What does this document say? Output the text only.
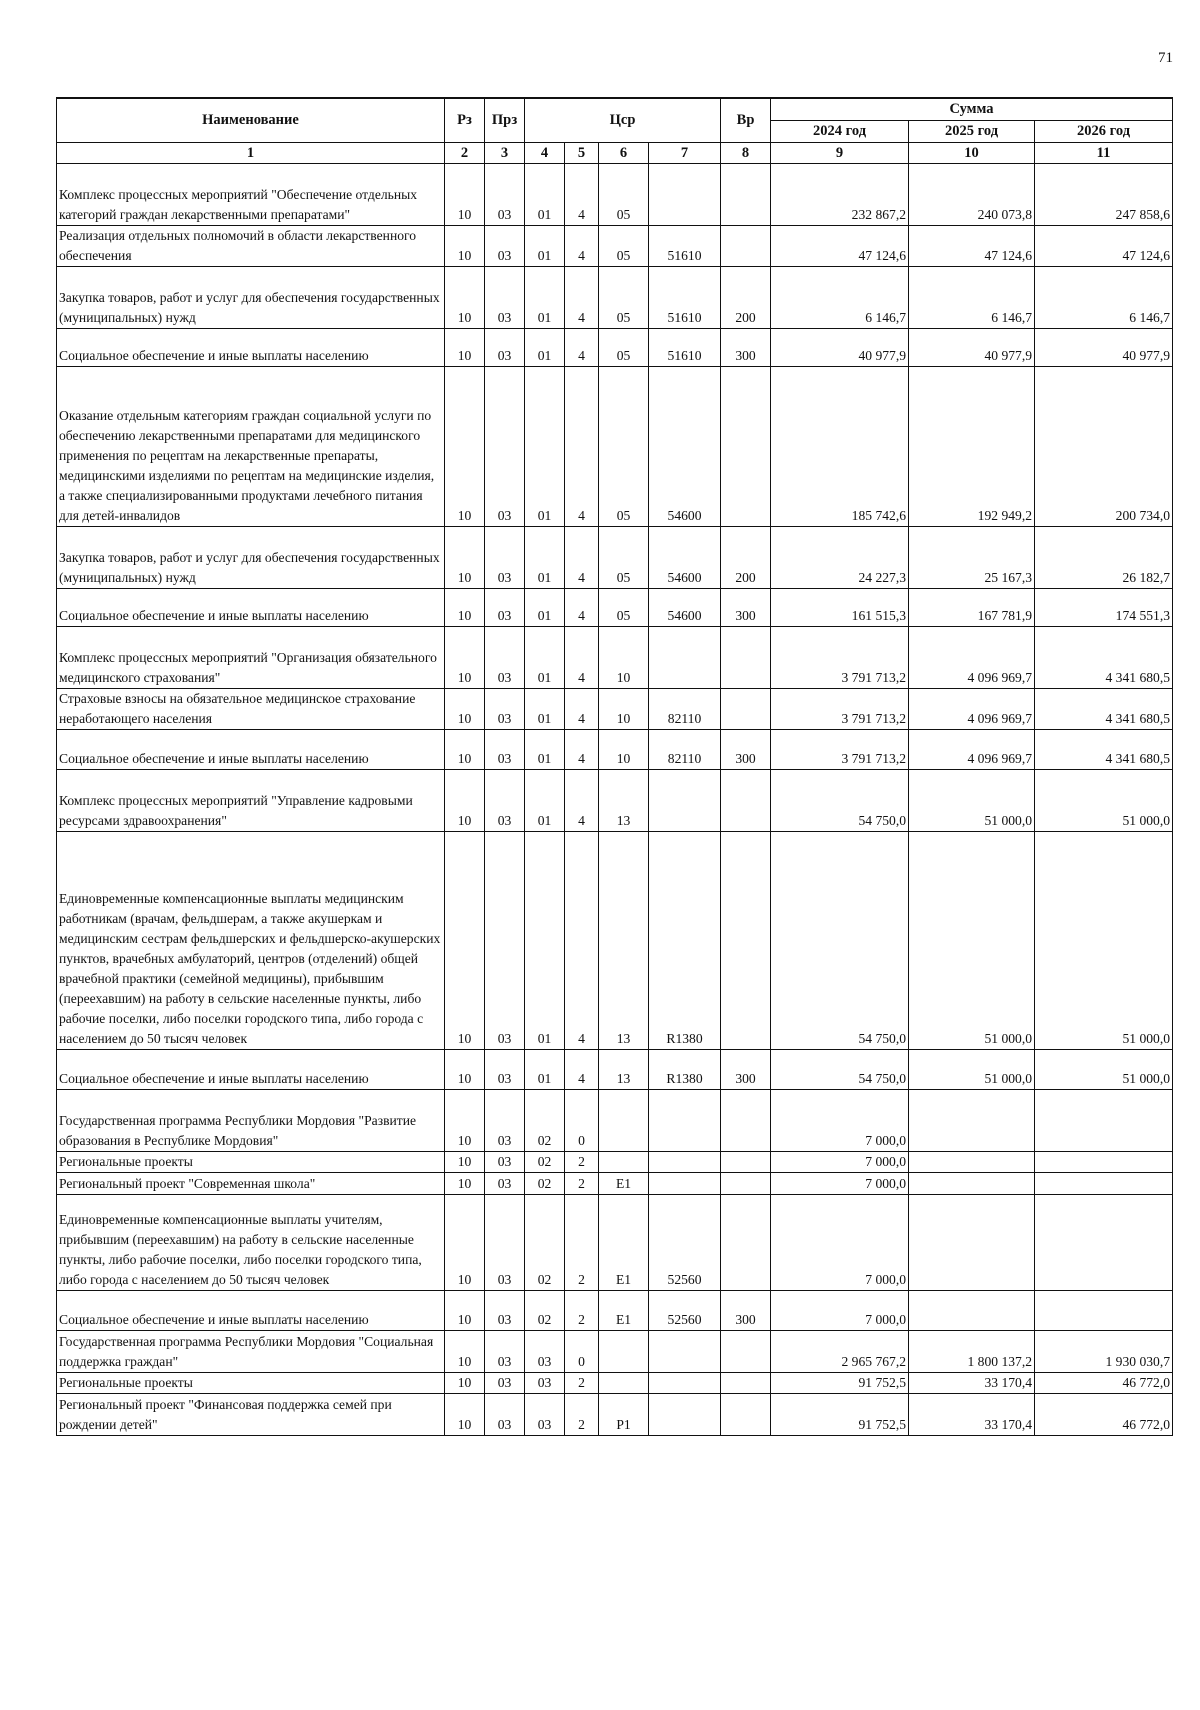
71
Наименование	Рз	Прз	Цср				Вр	Сумма		
								2024 год	2025 год	2026 год
1	2	3	4	5	6	7	8	9	10	11
Комплекс процессных мероприятий "Обеспечение отдельных категорий граждан лекарственными препаратами"	10	03	01	4	05			232 867,2	240 073,8	247 858,6
Реализация отдельных полномочий в области лекарственного обеспечения	10	03	01	4	05	51610		47 124,6	47 124,6	47 124,6
Закупка товаров, работ и услуг для обеспечения государственных (муниципальных) нужд	10	03	01	4	05	51610	200	6 146,7	6 146,7	6 146,7
Социальное обеспечение и иные выплаты населению	10	03	01	4	05	51610	300	40 977,9	40 977,9	40 977,9
Оказание отдельным категориям граждан социальной услуги по обеспечению лекарственными препаратами для медицинского применения по рецептам на лекарственные препараты, медицинскими изделиями по рецептам на медицинские изделия, а также специализированными продуктами лечебного питания для детей-инвалидов	10	03	01	4	05	54600		185 742,6	192 949,2	200 734,0
Закупка товаров, работ и услуг для обеспечения государственных (муниципальных) нужд	10	03	01	4	05	54600	200	24 227,3	25 167,3	26 182,7
Социальное обеспечение и иные выплаты населению	10	03	01	4	05	54600	300	161 515,3	167 781,9	174 551,3
Комплекс процессных мероприятий "Организация обязательного медицинского страхования"	10	03	01	4	10			3 791 713,2	4 096 969,7	4 341 680,5
Страховые взносы на обязательное медицинское страхование неработающего населения	10	03	01	4	10	82110		3 791 713,2	4 096 969,7	4 341 680,5
Социальное обеспечение и иные выплаты населению	10	03	01	4	10	82110	300	3 791 713,2	4 096 969,7	4 341 680,5
Комплекс процессных мероприятий "Управление кадровыми ресурсами здравоохранения"	10	03	01	4	13			54 750,0	51 000,0	51 000,0
Единовременные компенсационные выплаты медицинским работникам (врачам, фельдшерам, а также акушеркам и медицинским сестрам фельдшерских и фельдшерско-акушерских пунктов, врачебных амбулаторий, центров (отделений) общей врачебной практики (семейной медицины), прибывшим (переехавшим) на работу в сельские населенные пункты, либо рабочие поселки, либо поселки городского типа, либо города с населением до 50 тысяч человек	10	03	01	4	13	R1380		54 750,0	51 000,0	51 000,0
Социальное обеспечение и иные выплаты населению	10	03	01	4	13	R1380	300	54 750,0	51 000,0	51 000,0
Государственная программа Республики Мордовия "Развитие образования в Республике Мордовия"	10	03	02	0				7 000,0		
Региональные проекты	10	03	02	2				7 000,0		
Региональный проект "Современная школа"	10	03	02	2	E1			7 000,0		
Единовременные компенсационные выплаты учителям, прибывшим (переехавшим) на работу в сельские населенные пункты, либо рабочие поселки, либо поселки городского типа, либо города с населением до 50 тысяч человек	10	03	02	2	E1	52560		7 000,0		
Социальное обеспечение и иные выплаты населению	10	03	02	2	E1	52560	300	7 000,0		
Государственная программа Республики Мордовия "Социальная поддержка граждан"	10	03	03	0				2 965 767,2	1 800 137,2	1 930 030,7
Региональные проекты	10	03	03	2				91 752,5	33 170,4	46 772,0
Региональный проект "Финансовая поддержка семей при рождении детей"	10	03	03	2	P1			91 752,5	33 170,4	46 772,0
